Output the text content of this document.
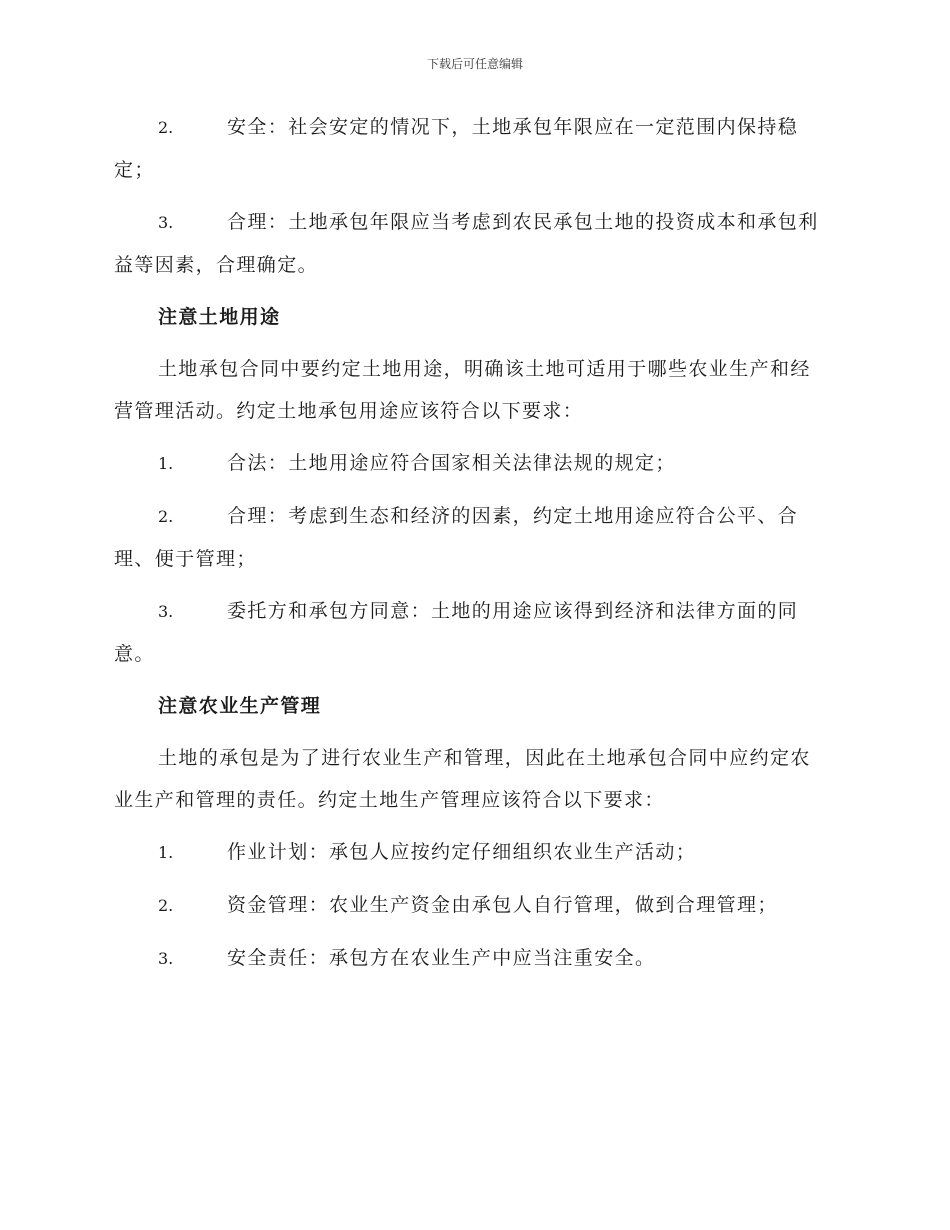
下载后可任意编辑

2.	安全：社会安定的情况下，土地承包年限应在一定范围内保持稳定；

3.	合理：土地承包年限应当考虑到农民承包土地的投资成本和承包利益等因素，合理确定。

注意土地用途

土地承包合同中要约定土地用途，明确该土地可适用于哪些农业生产和经营管理活动。约定土地承包用途应该符合以下要求：

1.	合法：土地用途应符合国家相关法律法规的规定；

2.	合理：考虑到生态和经济的因素，约定土地用途应符合公平、合理、便于管理；

3.	委托方和承包方同意：土地的用途应该得到经济和法律方面的同意。

注意农业生产管理

土地的承包是为了进行农业生产和管理，因此在土地承包合同中应约定农业生产和管理的责任。约定土地生产管理应该符合以下要求：

1.	作业计划：承包人应按约定仔细组织农业生产活动；

2.	资金管理：农业生产资金由承包人自行管理，做到合理管理；

3.	安全责任：承包方在农业生产中应当注重安全。
